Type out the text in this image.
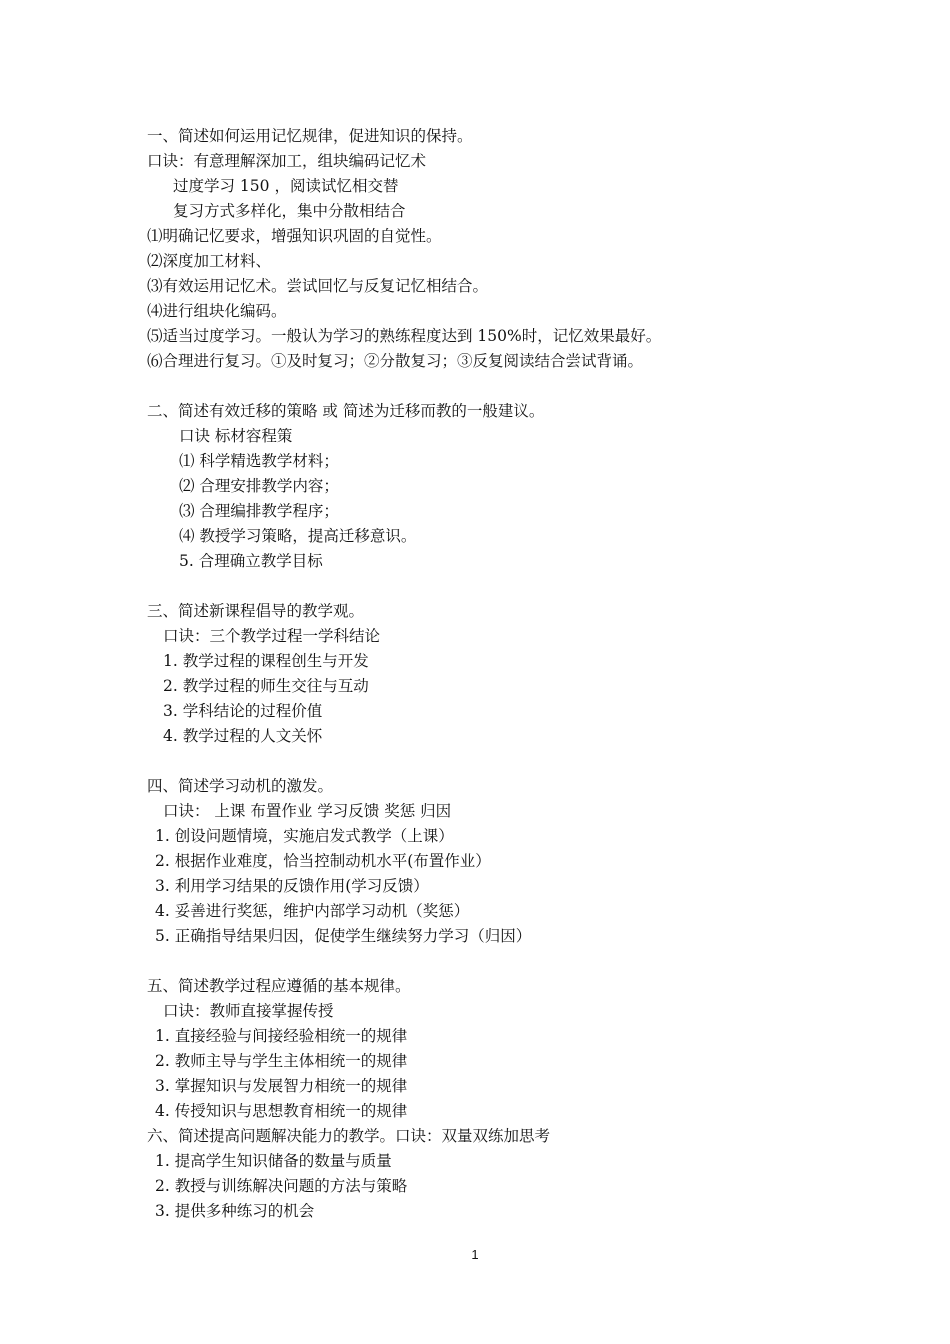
一、简述如何运用记忆规律，促进知识的保持。
口诀：有意理解深加工，组块编码记忆术
过度学习 150 ，阅读试忆相交替
复习方式多样化，集中分散相结合
⑴明确记忆要求，增强知识巩固的自觉性。
⑵深度加工材料、
⑶有效运用记忆术。尝试回忆与反复记忆相结合。
⑷进行组块化编码。
⑸适当过度学习。一般认为学习的熟练程度达到 150%时，记忆效果最好。
⑹合理进行复习。①及时复习；②分散复习；③反复阅读结合尝试背诵。
二、简述有效迁移的策略 或 简述为迁移而教的一般建议。
口诀 标材容程策
⑴ 科学精选教学材料；
⑵ 合理安排教学内容；
⑶ 合理编排教学程序；
⑷ 教授学习策略，提高迁移意识。
5. 合理确立教学目标
三、简述新课程倡导的教学观。
口诀：三个教学过程一学科结论
1. 教学过程的课程创生与开发
2. 教学过程的师生交往与互动
3. 学科结论的过程价值
4. 教学过程的人文关怀
四、简述学习动机的激发。
口诀： 上课 布置作业 学习反馈 奖惩 归因
1. 创设问题情境，实施启发式教学（上课）
2. 根据作业难度，恰当控制动机水平(布置作业）
3. 利用学习结果的反馈作用(学习反馈）
4. 妥善进行奖惩，维护内部学习动机（奖惩）
5. 正确指导结果归因，促使学生继续努力学习（归因）
五、简述教学过程应遵循的基本规律。
口诀：教师直接掌握传授
1. 直接经验与间接经验相统一的规律
2. 教师主导与学生主体相统一的规律
3. 掌握知识与发展智力相统一的规律
4. 传授知识与思想教育相统一的规律
六、简述提高问题解决能力的教学。口诀：双量双练加思考
1. 提高学生知识储备的数量与质量
2. 教授与训练解决问题的方法与策略
3. 提供多种练习的机会
1
